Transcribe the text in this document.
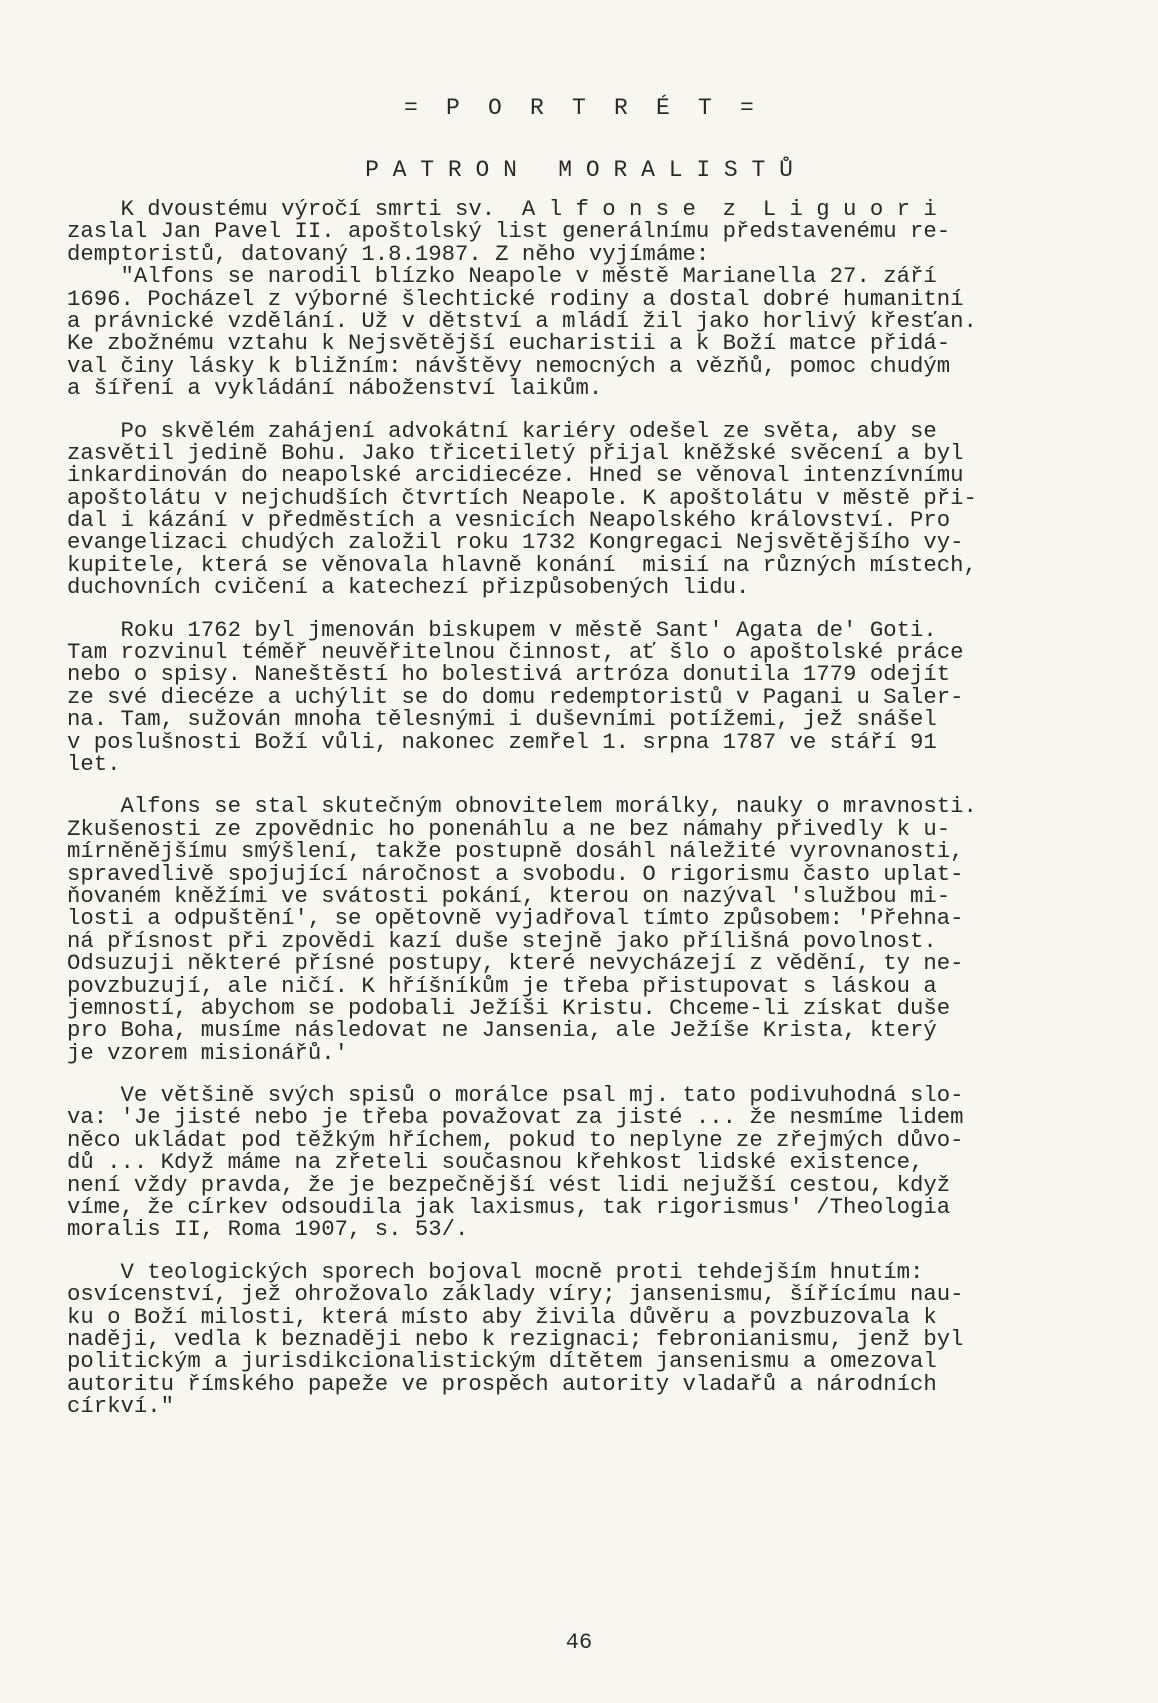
=  P  O  R  T  R  É  T  =
P A T R O N   M O R A L I S T Ů
K dvoustému výročí smrti sv.  A l f o n s e  z  L i g u o r i
zaslal Jan Pavel II. apoštolský list generálnímu představenému re-
demptoristů, datovaný 1.8.1987. Z něho vyjímáme:
"Alfons se narodil blízko Neapole v městě Marianella 27. září
1696. Pocházel z výborné šlechtické rodiny a dostal dobré humanitní
a právnické vzdělání. Už v dětství a mládí žil jako horlivý křesťan.
Ke zbožnému vztahu k Nejsvětější eucharistii a k Boží matce přidá-
val činy lásky k bližním: návštěvy nemocných a vězňů, pomoc chudým
a šíření a vykládání náboženství laikům.
Po skvělém zahájení advokátní kariéry odešel ze světa, aby se
zasvětil jedině Bohu. Jako třicetiletý přijal kněžské svěcení a byl
inkardinován do neapolské arcidiecéze. Hned se věnoval intenzívnímu
apoštolátu v nejchudších čtvrtích Neapole. K apoštolátu v městě při-
dal i kázání v předměstích a vesnicích Neapolského království. Pro
evangelizaci chudých založil roku 1732 Kongregaci Nejsvětějšího vy-
kupitele, která se věnovala hlavně konání  misií na různých místech,
duchovních cvičení a katechezí přizpůsobených lidu.
Roku 1762 byl jmenován biskupem v městě Sant' Agata de' Goti.
Tam rozvinul téměř neuvěřitelnou činnost, ať šlo o apoštolské práce
nebo o spisy. Naneštěstí ho bolestivá artróza donutila 1779 odejít
ze své diecéze a uchýlit se do domu redemptoristů v Pagani u Saler-
na. Tam, sužován mnoha tělesnými i duševními potížemi, jež snášel
v poslušnosti Boží vůli, nakonec zemřel 1. srpna 1787 ve stáří 91
let.
Alfons se stal skutečným obnovitelem morálky, nauky o mravnosti.
Zkušenosti ze zpovědnic ho ponenáhlu a ne bez námahy přivedly k u-
mírněnějšímu smýšlení, takže postupně dosáhl náležité vyrovnanosti,
spravedlivě spojující náročnost a svobodu. O rigorismu často uplat-
ňovaném kněžími ve svátosti pokání, kterou on nazýval 'službou mi-
losti a odpuštění', se opětovně vyjadřoval tímto způsobem: 'Přehna-
ná přísnost při zpovědi kazí duše stejně jako přílišná povolnost.
Odsuzuji některé přísné postupy, které nevycházejí z vědění, ty ne-
povzbuzují, ale ničí. K hříšníkům je třeba přistupovat s láskou a
jemností, abychom se podobali Ježíši Kristu. Chceme-li získat duše
pro Boha, musíme následovat ne Jansenia, ale Ježíše Krista, který
je vzorem misionářů.'
Ve většině svých spisů o morálce psal mj. tato podivuhodná slo-
va: 'Je jisté nebo je třeba považovat za jisté ... že nesmíme lidem
něco ukládat pod těžkým hříchem, pokud to neplyne ze zřejmých důvo-
dů ... Když máme na zřeteli současnou křehkost lidské existence,
není vždy pravda, že je bezpečnější vést lidi nejužší cestou, když
víme, že církev odsoudila jak laxismus, tak rigorismus' /Theologia
moralis II, Roma 1907, s. 53/.
V teologických sporech bojoval mocně proti tehdejším hnutím:
osvícenství, jež ohrožovalo základy víry; jansenismu, šířícímu nau-
ku o Boží milosti, která místo aby živila důvěru a povzbuzovala k
naději, vedla k beznaději nebo k rezignaci; febronianismu, jenž byl
politickým a jurisdikcionalistickým dítětem jansenismu a omezoval
autoritu římského papeže ve prospěch autority vladařů a národních
církví."
46
